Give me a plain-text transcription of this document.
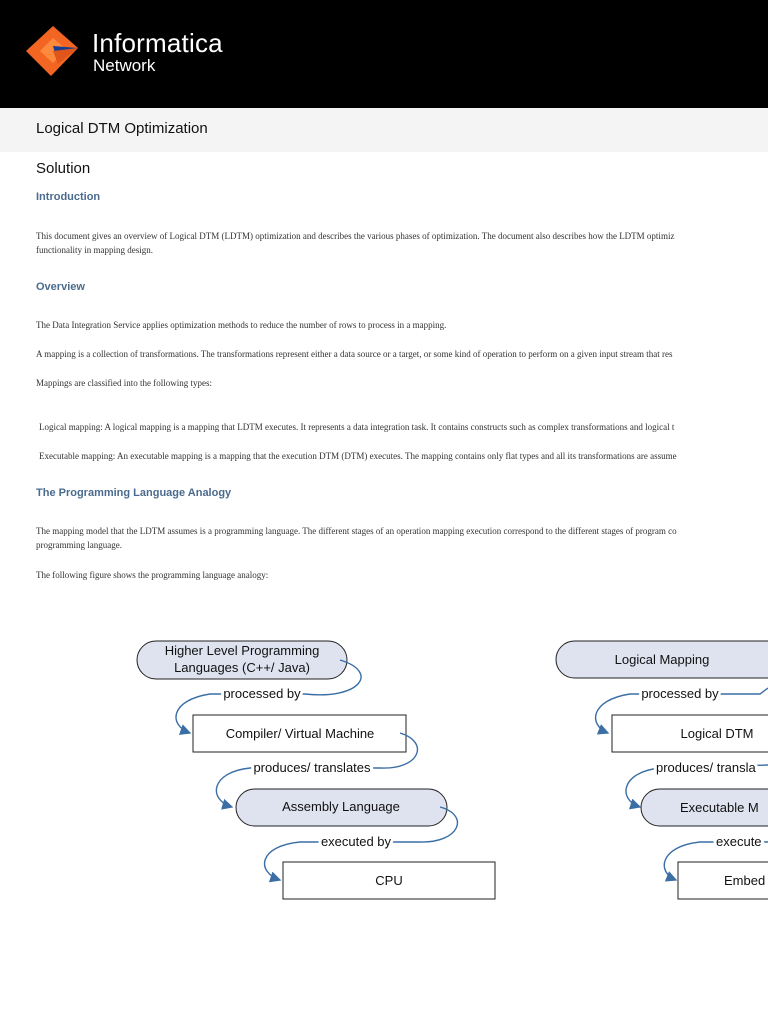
Informatica
Network
Logical DTM Optimization
Solution
Introduction
This document gives an overview of Logical DTM (LDTM) optimization and describes the various phases of optimization. The document also describes how the LDTM optimiz
functionality in mapping design.
Overview
The Data Integration Service applies optimization methods to reduce the number of rows to process in a mapping.
A mapping is a collection of transformations. The transformations represent either a data source or a target, or some kind of operation to perform on a given input stream that res
Mappings are classified into the following types:
Logical mapping: A logical mapping is a mapping that LDTM executes. It represents a data integration task. It contains constructs such as complex transformations and logical t
Executable mapping: An executable mapping is a mapping that the execution DTM (DTM) executes. The mapping contains only flat types and all its transformations are assume
The Programming Language Analogy
The mapping model that the LDTM assumes is a programming language. The different stages of an operation mapping execution correspond to the different stages of program co
programming language.
The following figure shows the programming language analogy:
Higher Level Programming
Languages (C++/ Java)
processed by
Compiler/ Virtual Machine
produces/ translates
Assembly Language
executed by
CPU
Logical Mapping
processed by
Logical DTM
produces/ transla
Executable M
execute
Embed
